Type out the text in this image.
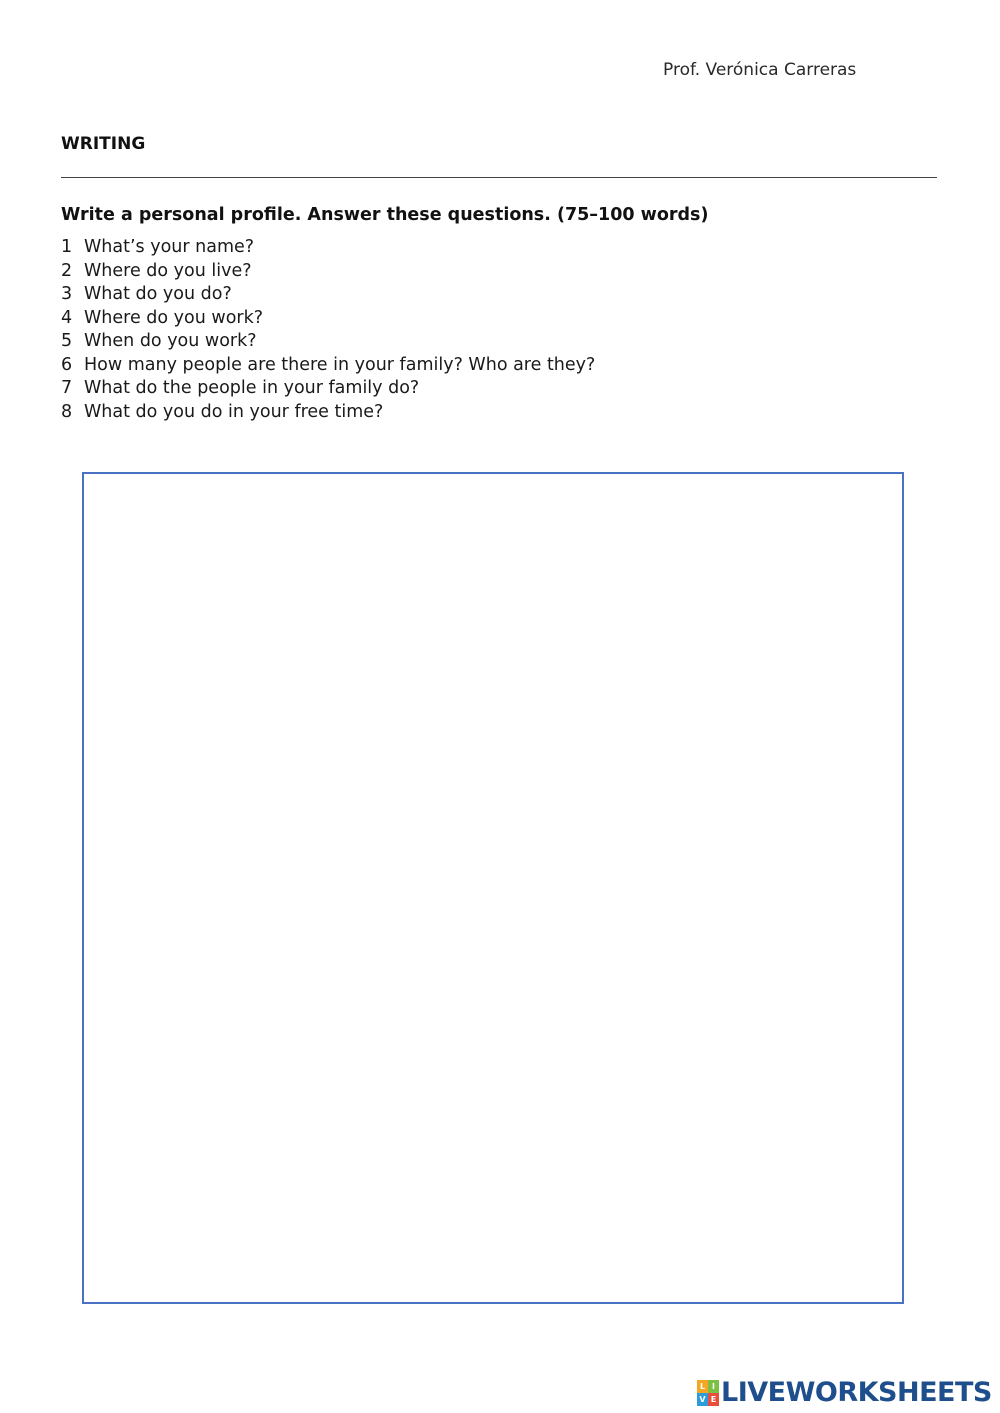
Prof. Verónica Carreras
WRITING
Write a personal profile. Answer these questions. (75–100 words)
1 What’s your name?
2 Where do you live?
3 What do you do?
4 Where do you work?
5 When do you work?
6 How many people are there in your family? Who are they?
7 What do the people in your family do?
8 What do you do in your free time?
L I
V E LIVEWORKSHEETS
